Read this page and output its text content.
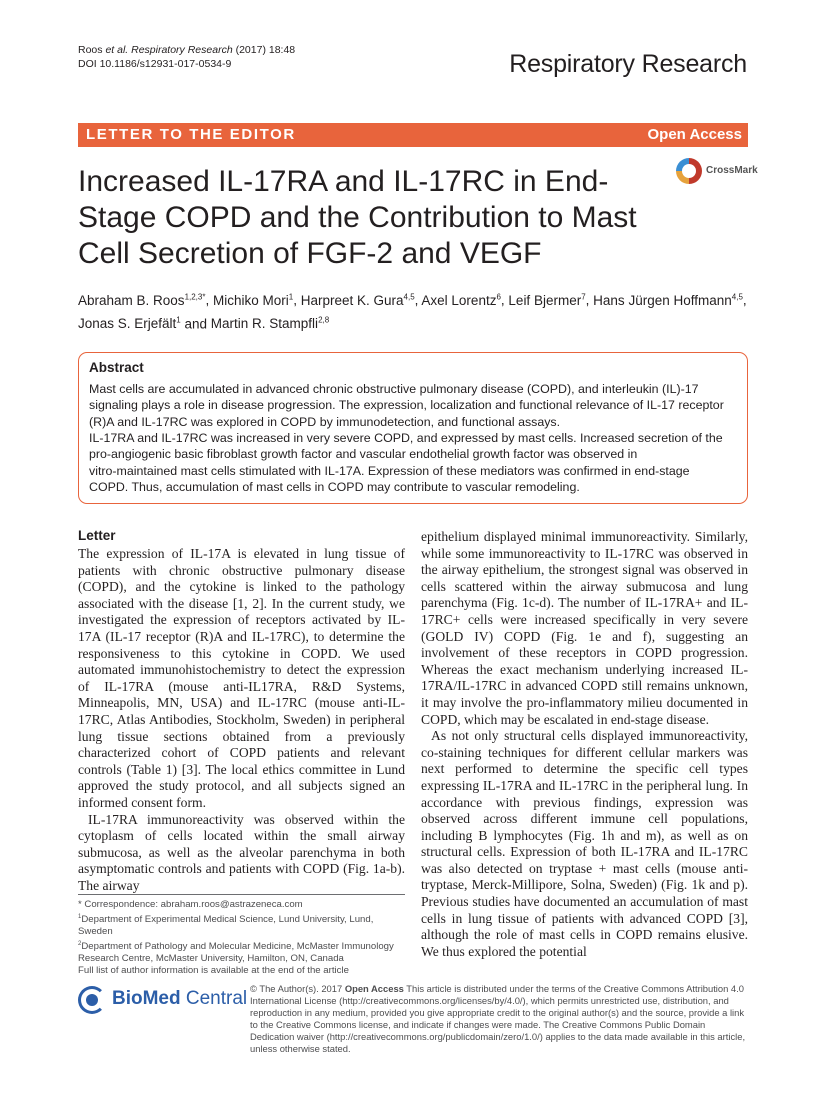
Roos et al. Respiratory Research (2017) 18:48
DOI 10.1186/s12931-017-0534-9	Respiratory Research
LETTER TO THE EDITOR	Open Access
Increased IL-17RA and IL-17RC in End-Stage COPD and the Contribution to Mast Cell Secretion of FGF-2 and VEGF
CrossMark
Abraham B. Roos$^{1,2,3*}$, Michiko Mori$^1$, Harpreet K. Gura$^{4,5}$, Axel Lorentz$^6$, Leif Bjermer$^7$, Hans Jürgen Hoffmann$^{4,5}$, Jonas S. Erjefält$^1$ and Martin R. Stampfli$^{2,8}$
Abstract
Mast cells are accumulated in advanced chronic obstructive pulmonary disease (COPD), and interleukin (IL)-17
signaling plays a role in disease progression. The expression, localization and functional relevance of IL-17 receptor
(R)A and IL-17RC was explored in COPD by immunodetection, and functional assays.
IL-17RA and IL-17RC was increased in very severe COPD, and expressed by mast cells. Increased secretion of the
pro-angiogenic basic fibroblast growth factor and vascular endothelial growth factor was observed in
vitro-maintained mast cells stimulated with IL-17A. Expression of these mediators was confirmed in end-stage
COPD. Thus, accumulation of mast cells in COPD may contribute to vascular remodeling.
Letter

The expression of IL-17A is elevated in lung tissue of patients with chronic obstructive pulmonary disease (COPD), and the cytokine is linked to the pathology associated with the disease [1, 2]. In the current study, we investigated the expression of receptors activated by IL-17A (IL-17 receptor (R)A and IL-17RC), to determine the responsiveness to this cytokine in COPD. We used automated immunohistochemistry to detect the expression of IL-17RA (mouse anti-IL17RA, R&D Systems, Minneapolis, MN, USA) and IL-17RC (mouse anti-IL-17RC, Atlas Antibodies, Stockholm, Sweden) in peripheral lung tissue sections obtained from a previously characterized cohort of COPD patients and relevant controls (Table 1) [3]. The local ethics committee in Lund approved the study protocol, and all subjects signed an informed consent form.

IL-17RA immunoreactivity was observed within the cytoplasm of cells located within the small airway submucosa, as well as the alveolar parenchyma in both asymptomatic controls and patients with COPD (Fig. 1a-b). The airway

epithelium displayed minimal immunoreactivity. Similarly, while some immunoreactivity to IL-17RC was observed in the airway epithelium, the strongest signal was observed in cells scattered within the airway submucosa and lung parenchyma (Fig. 1c-d). The number of IL-17RA+ and IL-17RC+ cells were increased specifically in very severe (GOLD IV) COPD (Fig. 1e and f), suggesting an involvement of these receptors in COPD progression. Whereas the exact mechanism underlying increased IL-17RA/IL-17RC in advanced COPD still remains unknown, it may involve the pro-inflammatory milieu documented in COPD, which may be escalated in end-stage disease.

As not only structural cells displayed immunoreactivity, co-staining techniques for different cellular markers was next performed to determine the specific cell types expressing IL-17RA and IL-17RC in the peripheral lung. In accordance with previous findings, expression was observed across different immune cell populations, including B lymphocytes (Fig. 1h and m), as well as on structural cells. Expression of both IL-17RA and IL-17RC was also detected on tryptase + mast cells (mouse anti-tryptase, Merck-Millipore, Solna, Sweden) (Fig. 1k and p). Previous studies have documented an accumulation of mast cells in lung tissue of patients with advanced COPD [3], although the role of mast cells in COPD remains elusive. We thus explored the potential

* Correspondence: abraham.roos@astrazeneca.com
$^1$Department of Experimental Medical Science, Lund University, Lund, Sweden
$^2$Department of Pathology and Molecular Medicine, McMaster Immunology Research Centre, McMaster University, Hamilton, ON, Canada
Full list of author information is available at the end of the article
BioMed Central © The Author(s). 2017 Open Access This article is distributed under the terms of the Creative Commons Attribution 4.0 International License (http://creativecommons.org/licenses/by/4.0/), which permits unrestricted use, distribution, and reproduction in any medium, provided you give appropriate credit to the original author(s) and the source, provide a link to the Creative Commons license, and indicate if changes were made. The Creative Commons Public Domain Dedication waiver (http://creativecommons.org/publicdomain/zero/1.0/) applies to the data made available in this article, unless otherwise stated.
